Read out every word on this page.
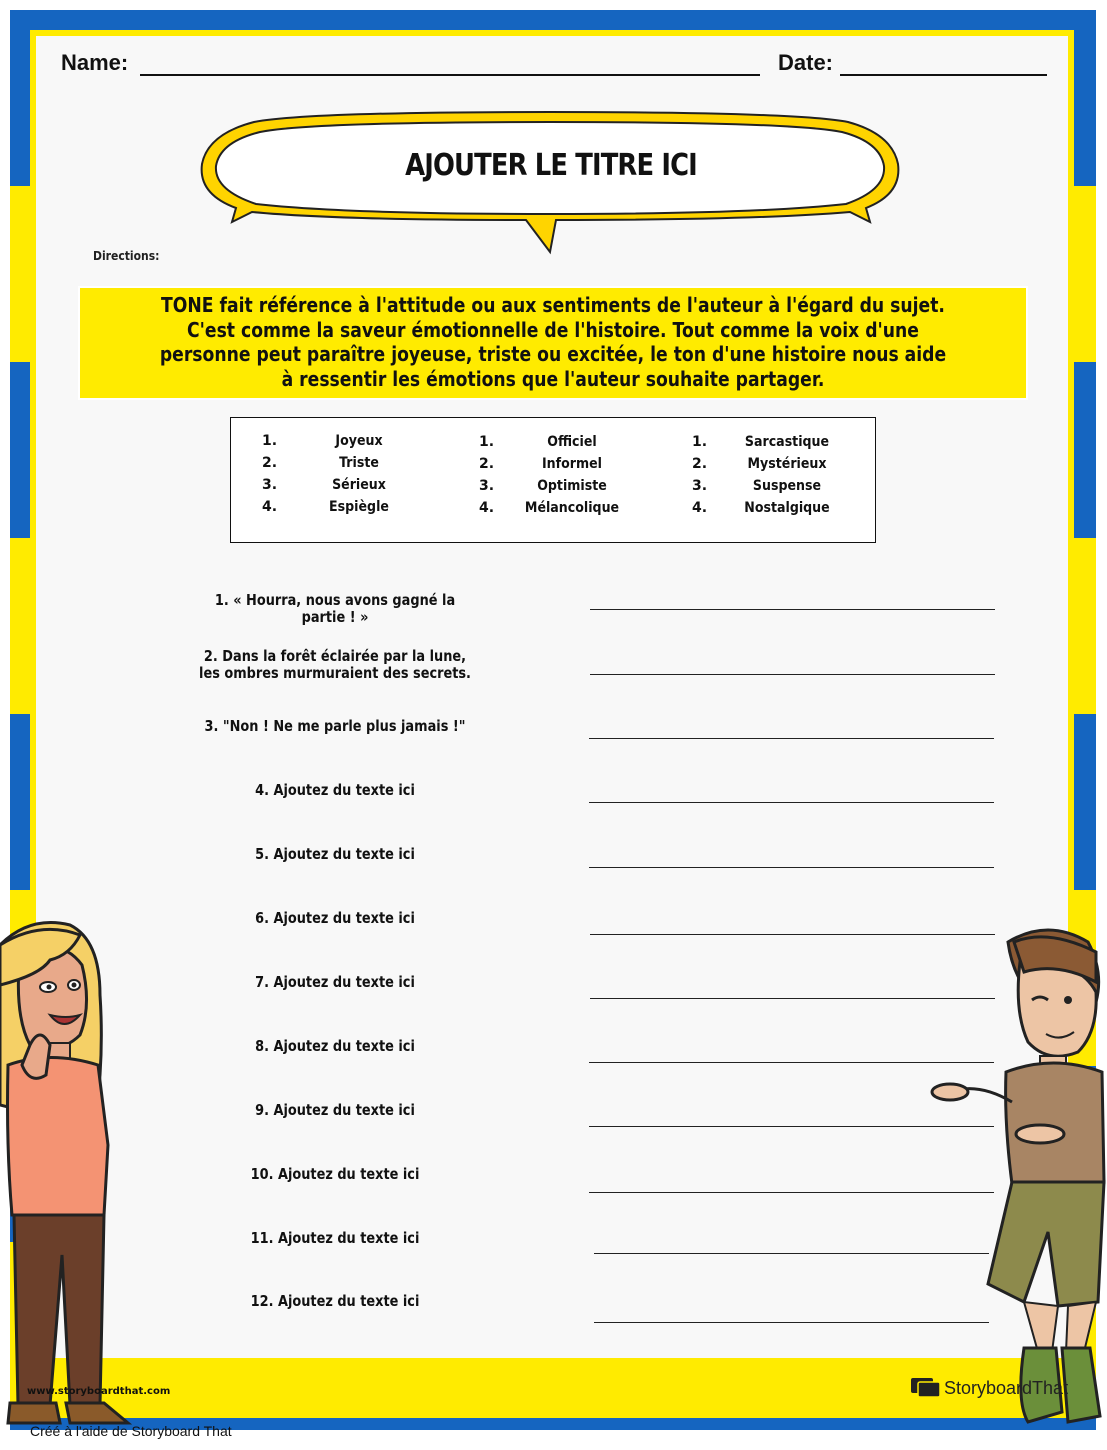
Name:	Date:
AJOUTER LE TITRE ICI
Directions:
TONE fait référence à l'attitude ou aux sentiments de l'auteur à l'égard du sujet. C'est comme la saveur émotionnelle de l'histoire. Tout comme la voix d'une personne peut paraître joyeuse, triste ou excitée, le ton d'une histoire nous aide à ressentir les émotions que l'auteur souhaite partager.
1.	Joyeux
2.	Triste
3.	Sérieux
4.	Espiègle
1.	Officiel
2.	Informel
3.	Optimiste
4.	Mélancolique
1.	Sarcastique
2.	Mystérieux
3.	Suspense
4.	Nostalgique
1. « Hourra, nous avons gagné la partie ! »
2. Dans la forêt éclairée par la lune, les ombres murmuraient des secrets.
3. "Non ! Ne me parle plus jamais !"
4. Ajoutez du texte ici
5. Ajoutez du texte ici
6. Ajoutez du texte ici
7. Ajoutez du texte ici
8. Ajoutez du texte ici
9. Ajoutez du texte ici
10. Ajoutez du texte ici
11. Ajoutez du texte ici
12. Ajoutez du texte ici
www.storyboardthat.com	StoryboardThat
Créé à l'aide de Storyboard That
